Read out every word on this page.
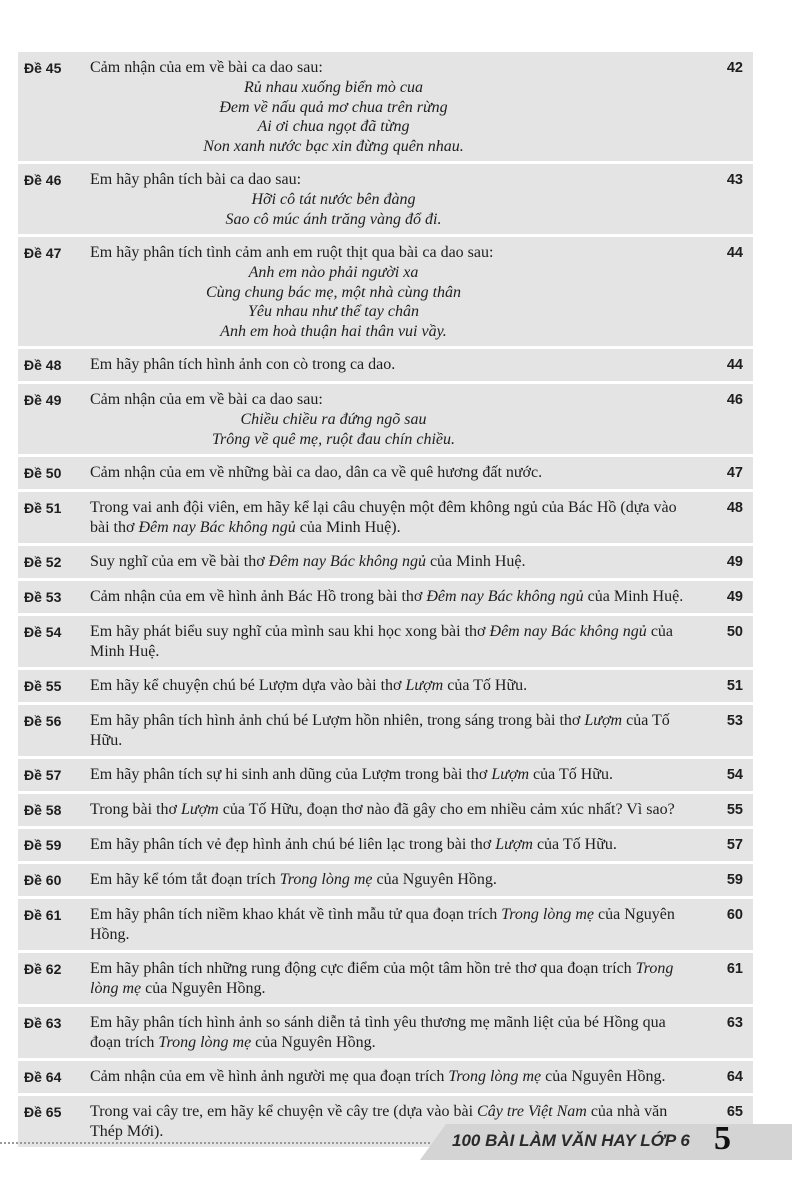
Đề 45	Cảm nhận của em về bài ca dao sau:
Rủ nhau xuống biển mò cua
Đem về nấu quả mơ chua trên rừng
Ai ơi chua ngọt đã từng
Non xanh nước bạc xin đừng quên nhau.
42
Đề 46	Em hãy phân tích bài ca dao sau:
Hỡi cô tát nước bên đàng
Sao cô múc ánh trăng vàng đổ đi.
43
Đề 47	Em hãy phân tích tình cảm anh em ruột thịt qua bài ca dao sau:
Anh em nào phải người xa
Cùng chung bác mẹ, một nhà cùng thân
Yêu nhau như thể tay chân
Anh em hoà thuận hai thân vui vầy.
44
Đề 48	Em hãy phân tích hình ảnh con cò trong ca dao.	44
Đề 49	Cảm nhận của em về bài ca dao sau:
Chiều chiều ra đứng ngõ sau
Trông về quê mẹ, ruột đau chín chiều.
46
Đề 50	Cảm nhận của em về những bài ca dao, dân ca về quê hương đất nước.	47
Đề 51	Trong vai anh đội viên, em hãy kể lại câu chuyện một đêm không ngủ của Bác Hồ (dựa vào bài thơ Đêm nay Bác không ngủ của Minh Huệ).
48
Đề 52	Suy nghĩ của em về bài thơ Đêm nay Bác không ngủ của Minh Huệ.	49
Đề 53	Cảm nhận của em về hình ảnh Bác Hồ trong bài thơ Đêm nay Bác không ngủ của Minh Huệ.	49
Đề 54	Em hãy phát biểu suy nghĩ của mình sau khi học xong bài thơ Đêm nay Bác không ngủ của Minh Huệ.
50
Đề 55	Em hãy kể chuyện chú bé Lượm dựa vào bài thơ Lượm của Tố Hữu.	51
Đề 56	Em hãy phân tích hình ảnh chú bé Lượm hồn nhiên, trong sáng trong bài thơ Lượm của Tố Hữu.
53
Đề 57	Em hãy phân tích sự hi sinh anh dũng của Lượm trong bài thơ Lượm của Tố Hữu.	54
Đề 58	Trong bài thơ Lượm của Tố Hữu, đoạn thơ nào đã gây cho em nhiều cảm xúc nhất? Vì sao?	55
Đề 59	Em hãy phân tích vẻ đẹp hình ảnh chú bé liên lạc trong bài thơ Lượm của Tố Hữu.	57
Đề 60	Em hãy kể tóm tắt đoạn trích Trong lòng mẹ của Nguyên Hồng.	59
Đề 61	Em hãy phân tích niềm khao khát về tình mẫu tử qua đoạn trích Trong lòng mẹ của Nguyên Hồng.
60
Đề 62	Em hãy phân tích những rung động cực điểm của một tâm hồn trẻ thơ qua đoạn trích Trong lòng mẹ của Nguyên Hồng.
61
Đề 63	Em hãy phân tích hình ảnh so sánh diễn tả tình yêu thương mẹ mãnh liệt của bé Hồng qua đoạn trích Trong lòng mẹ của Nguyên Hồng.
63
Đề 64	Cảm nhận của em về hình ảnh người mẹ qua đoạn trích Trong lòng mẹ của Nguyên Hồng.	64
Đề 65	Trong vai cây tre, em hãy kể chuyện về cây tre (dựa vào bài Cây tre Việt Nam của nhà văn Thép Mới).
65
100 BÀI LÀM VĂN HAY LỚP 6 5
